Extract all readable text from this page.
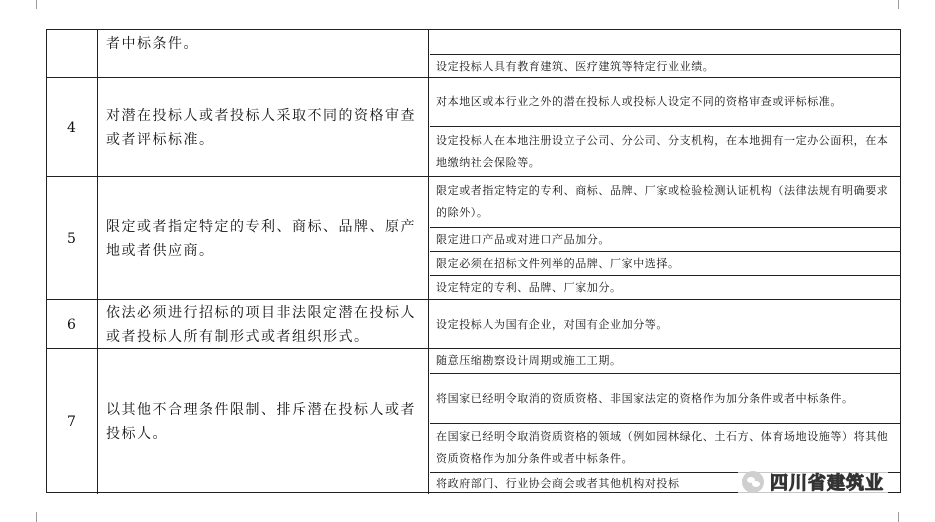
者中标条件。
设定投标人具有教育建筑、医疗建筑等特定行业业绩。
4
对潜在投标人或者投标人采取不同的资格审查或者评标标准。
对本地区或本行业之外的潜在投标人或投标人设定不同的资格审查或评标标准。
设定投标人在本地注册设立子公司、分公司、分支机构，在本地拥有一定办公面积，在本地缴纳社会保险等。
5
限定或者指定特定的专利、商标、品牌、原产地或者供应商。
限定或者指定特定的专利、商标、品牌、厂家或检验检测认证机构（法律法规有明确要求的除外）。
限定进口产品或对进口产品加分。
限定必须在招标文件列举的品牌、厂家中选择。
设定特定的专利、品牌、厂家加分。
6
依法必须进行招标的项目非法限定潜在投标人或者投标人所有制形式或者组织形式。
设定投标人为国有企业，对国有企业加分等。
7
以其他不合理条件限制、排斥潜在投标人或者投标人。
随意压缩勘察设计周期或施工工期。
将国家已经明令取消的资质资格、非国家法定的资格作为加分条件或者中标条件。
在国家已经明令取消资质资格的领域（例如园林绿化、土石方、体育场地设施等）将其他资质资格作为加分条件或者中标条件。
将政府部门、行业协会商会或者其他机构对投标	四川省建筑业
